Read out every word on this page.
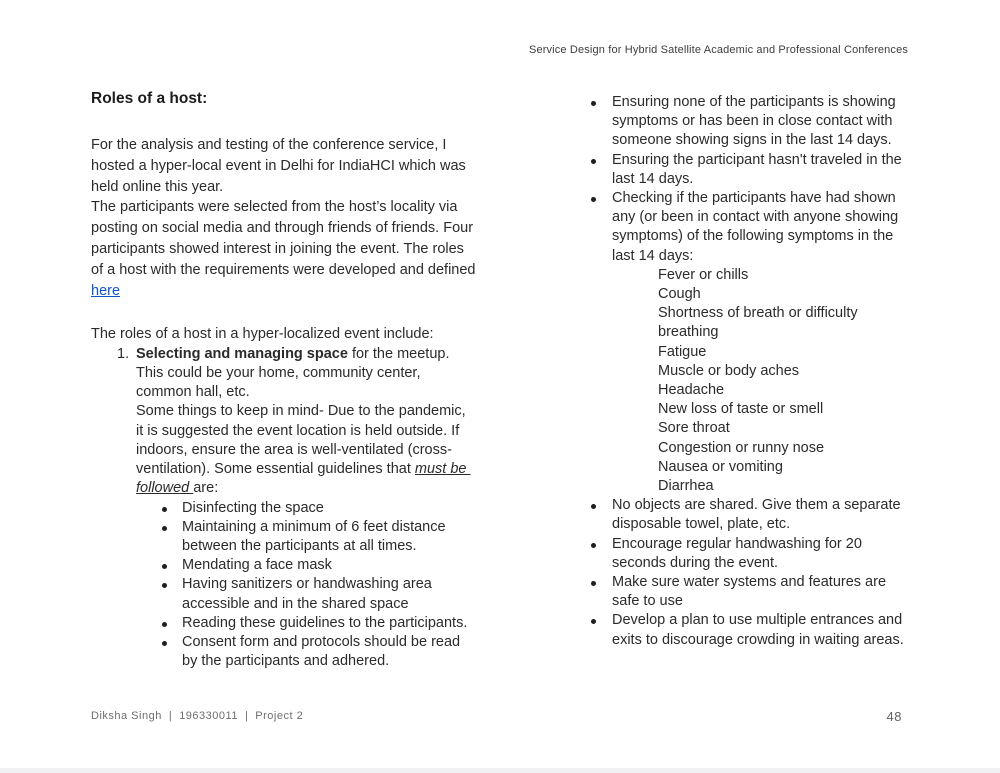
Service Design for Hybrid Satellite Academic and Professional Conferences
Roles of a host:
For the analysis and testing of the conference service, I hosted a hyper-local event in Delhi for IndiaHCI which was held online this year.
The participants were selected from the host’s locality via posting on social media and through friends of friends. Four participants showed interest in joining the event. The roles of a host with the requirements were developed and defined here
The roles of a host in a hyper-localized event include:
1. Selecting and managing space for the meetup. This could be your home, community center, common hall, etc.
Some things to keep in mind- Due to the pandemic, it is suggested the event location is held outside. If indoors, ensure the area is well-ventilated (cross-ventilation). Some essential guidelines that must be followed are:
Disinfecting the space
Maintaining a minimum of 6 feet distance between the participants at all times.
Mendating a face mask
Having sanitizers or handwashing area accessible and in the shared space
Reading these guidelines to the participants.
Consent form and protocols should be read by the participants and adhered.
Ensuring none of the participants is showing symptoms or has been in close contact with someone showing signs in the last 14 days.
Ensuring the participant hasn't traveled in the last 14 days.
Checking if the participants have had shown any (or been in contact with anyone showing symptoms) of the following symptoms in the last 14 days:
Fever or chills
Cough
Shortness of breath or difficulty breathing
Fatigue
Muscle or body aches
Headache
New loss of taste or smell
Sore throat
Congestion or runny nose
Nausea or vomiting
Diarrhea
No objects are shared. Give them a separate disposable towel, plate, etc.
Encourage regular handwashing for 20 seconds during the event.
Make sure water systems and features are safe to use
Develop a plan to use multiple entrances and exits to discourage crowding in waiting areas.
Diksha Singh | 196330011 | Project 2	48
